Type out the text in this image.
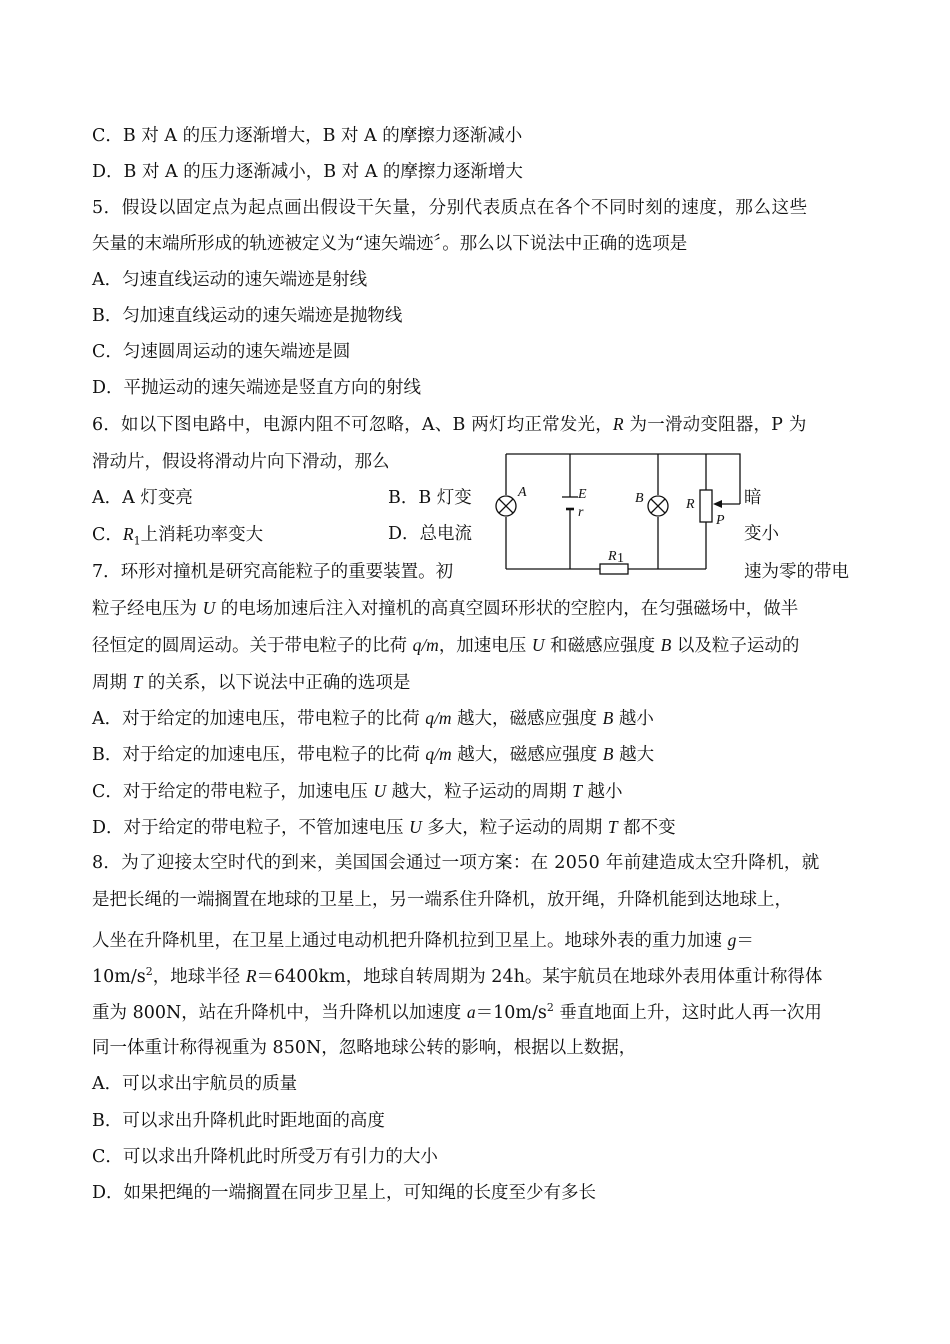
C．B 对 A 的压力逐渐增大，B 对 A 的摩擦力逐渐减小
D．B 对 A 的压力逐渐减小，B 对 A 的摩擦力逐渐增大
5．假设以固定点为起点画出假设干矢量，分别代表质点在各个不同时刻的速度，那么这些
矢量的末端所形成的轨迹被定义为“速矢端迹〞。那么以下说法中正确的选项是
A．匀速直线运动的速矢端迹是射线
B．匀加速直线运动的速矢端迹是抛物线
C．匀速圆周运动的速矢端迹是圆
D．平抛运动的速矢端迹是竖直方向的射线
6．如以下图电路中，电源内阻不可忽略，A、B 两灯均正常发光，R 为一滑动变阻器，P 为
滑动片，假设将滑动片向下滑动，那么
A．A 灯变亮	B．B 灯变	暗
C．$R_1$上消耗功率变大	D．总电流	变小
A	E
r
B	R
P
R 1
7．环形对撞机是研究高能粒子的重要装置。初	速为零的带电
粒子经电压为 U 的电场加速后注入对撞机的高真空圆环形状的空腔内，在匀强磁场中，做半
径恒定的圆周运动。关于带电粒子的比荷 q/m，加速电压 U 和磁感应强度 B 以及粒子运动的
周期 T 的关系，以下说法中正确的选项是
A．对于给定的加速电压，带电粒子的比荷 q/m 越大，磁感应强度 B 越小
B．对于给定的加速电压，带电粒子的比荷 q/m 越大，磁感应强度 B 越大
C．对于给定的带电粒子，加速电压 U 越大，粒子运动的周期 T 越小
D．对于给定的带电粒子，不管加速电压 U 多大，粒子运动的周期 T 都不变
8．为了迎接太空时代的到来，美国国会通过一项方案：在 2050 年前建造成太空升降机，就
是把长绳的一端搁置在地球的卫星上，另一端系住升降机，放开绳，升降机能到达地球上，
人坐在升降机里，在卫星上通过电动机把升降机拉到卫星上。地球外表的重力加速 g＝
$10m/s^2$，地球半径 R＝6400km，地球自转周期为 24h。某宇航员在地球外表用体重计称得体
重为 800N，站在升降机中，当升降机以加速度 $a=10m/s^2$ 垂直地面上升，这时此人再一次用
同一体重计称得视重为 850N，忽略地球公转的影响，根据以上数据，
A．可以求出宇航员的质量
B．可以求出升降机此时距地面的高度
C．可以求出升降机此时所受万有引力的大小
D．如果把绳的一端搁置在同步卫星上，可知绳的长度至少有多长
